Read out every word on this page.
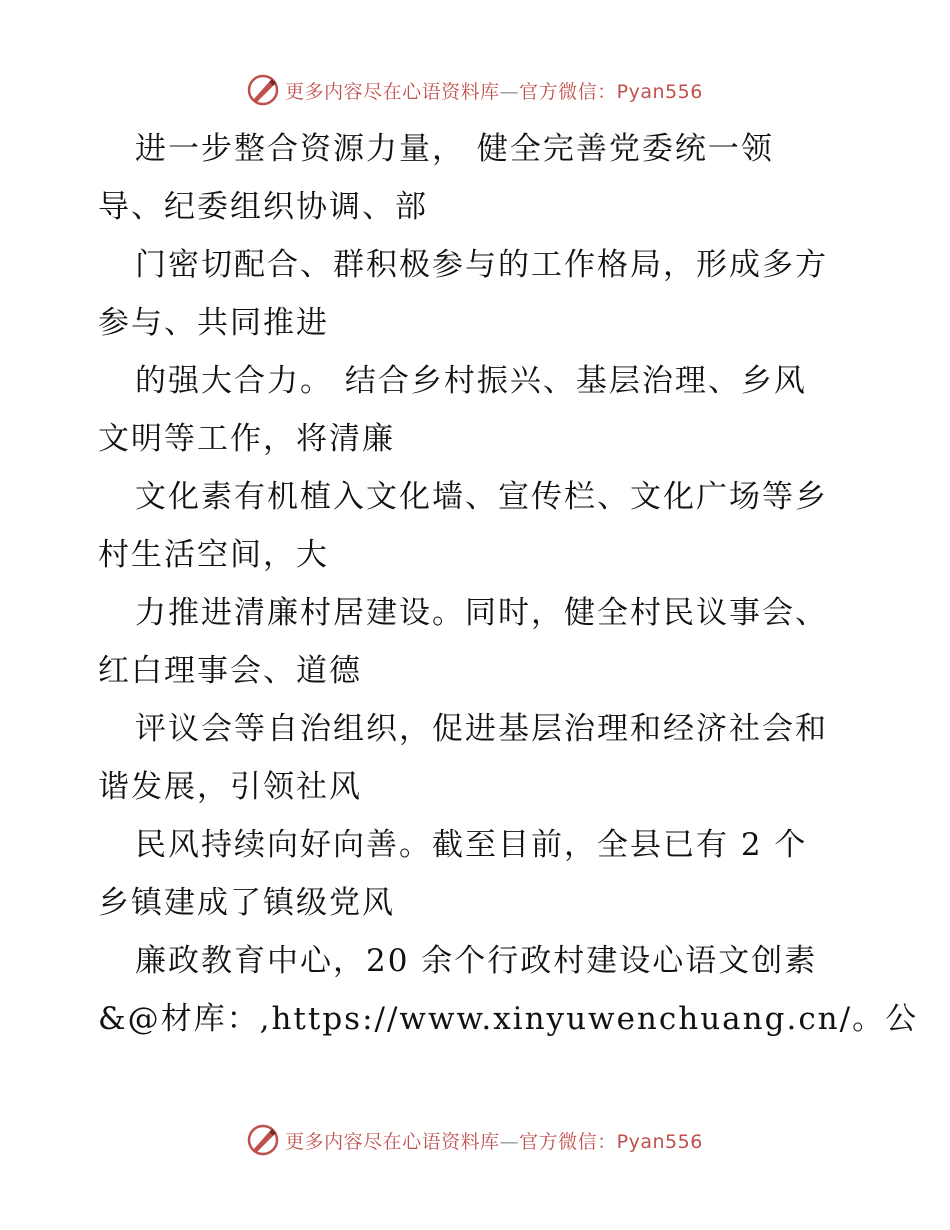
更多内容尽在心语资料库—官方微信：Pyan556
进一步整合资源力量， 健全完善党委统一领
导、纪委组织协调、部
门密切配合、群积极参与的工作格局，形成多方
参与、共同推进
的强大合力。 结合乡村振兴、基层治理、乡风
文明等工作，将清廉
文化素有机植入文化墙、宣传栏、文化广场等乡
村生活空间，大
力推进清廉村居建设。同时，健全村民议事会、
红白理事会、道德
评议会等自治组织，促进基层治理和经济社会和
谐发展，引领社风
民风持续向好向善。截至目前，全县已有 2 个
乡镇建成了镇级党风
廉政教育中心，20 余个行政村建设心语文创素
&@材库：,https://www.xinyuwenchuang.cn/。公
更多内容尽在心语资料库—官方微信：Pyan556
